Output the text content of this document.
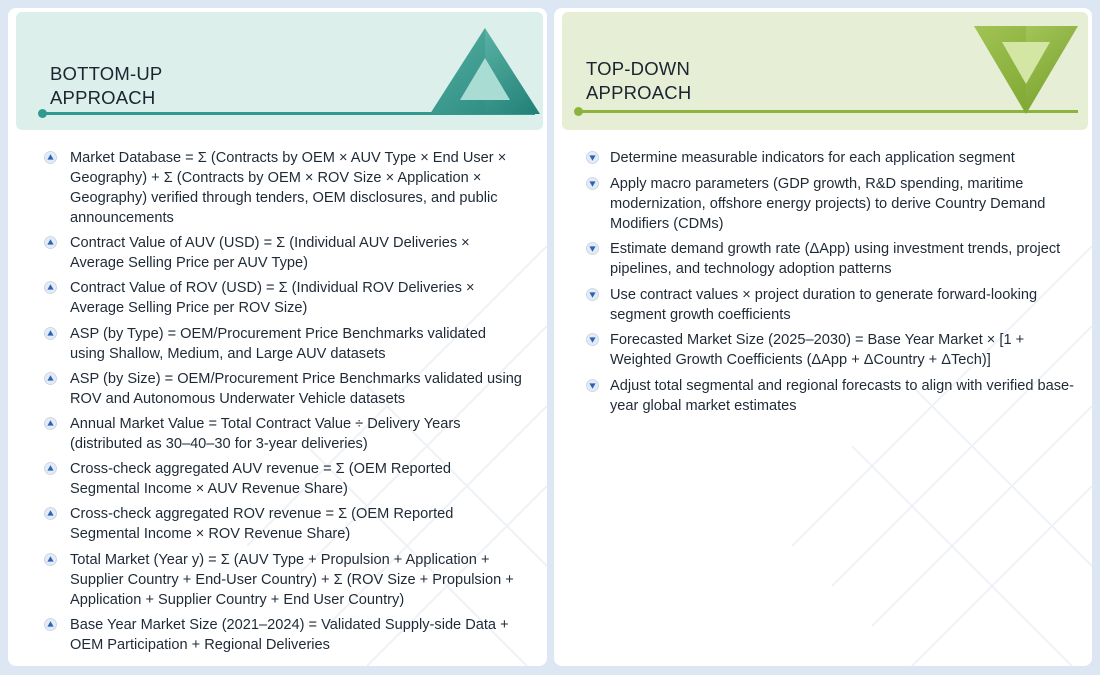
BOTTOM-UP
APPROACH
Market Database = Σ (Contracts by OEM × AUV Type × End User × Geography) + Σ (Contracts by OEM × ROV Size × Application × Geography) verified through tenders, OEM disclosures, and public announcements
Contract Value of AUV (USD) = Σ (Individual AUV Deliveries × Average Selling Price per AUV Type)
Contract Value of ROV (USD) = Σ (Individual ROV Deliveries × Average Selling Price per ROV Size)
ASP (by Type) = OEM/Procurement Price Benchmarks validated using Shallow, Medium, and Large AUV datasets
ASP (by Size) = OEM/Procurement Price Benchmarks validated using ROV and Autonomous Underwater Vehicle datasets
Annual Market Value = Total Contract Value ÷ Delivery Years (distributed as 30–40–30 for 3-year deliveries)
Cross-check aggregated AUV revenue = Σ (OEM Reported Segmental Income × AUV Revenue Share)
Cross-check aggregated ROV revenue = Σ (OEM Reported Segmental Income × ROV Revenue Share)
Total Market (Year y) = Σ (AUV Type + Propulsion + Application + Supplier Country + End-User Country) + Σ (ROV Size + Propulsion + Application + Supplier Country + End User Country)
Base Year Market Size (2021–2024) = Validated Supply-side Data + OEM Participation + Regional Deliveries
TOP-DOWN
APPROACH
Determine measurable indicators for each application segment
Apply macro parameters (GDP growth, R&D spending, maritime modernization, offshore energy projects) to derive Country Demand Modifiers (CDMs)
Estimate demand growth rate (ΔApp) using investment trends, project pipelines, and technology adoption patterns
Use contract values × project duration to generate forward-looking segment growth coefficients
Forecasted Market Size (2025–2030) = Base Year Market × [1 + Weighted Growth Coefficients (ΔApp + ΔCountry + ΔTech)]
Adjust total segmental and regional forecasts to align with verified base-year global market estimates
